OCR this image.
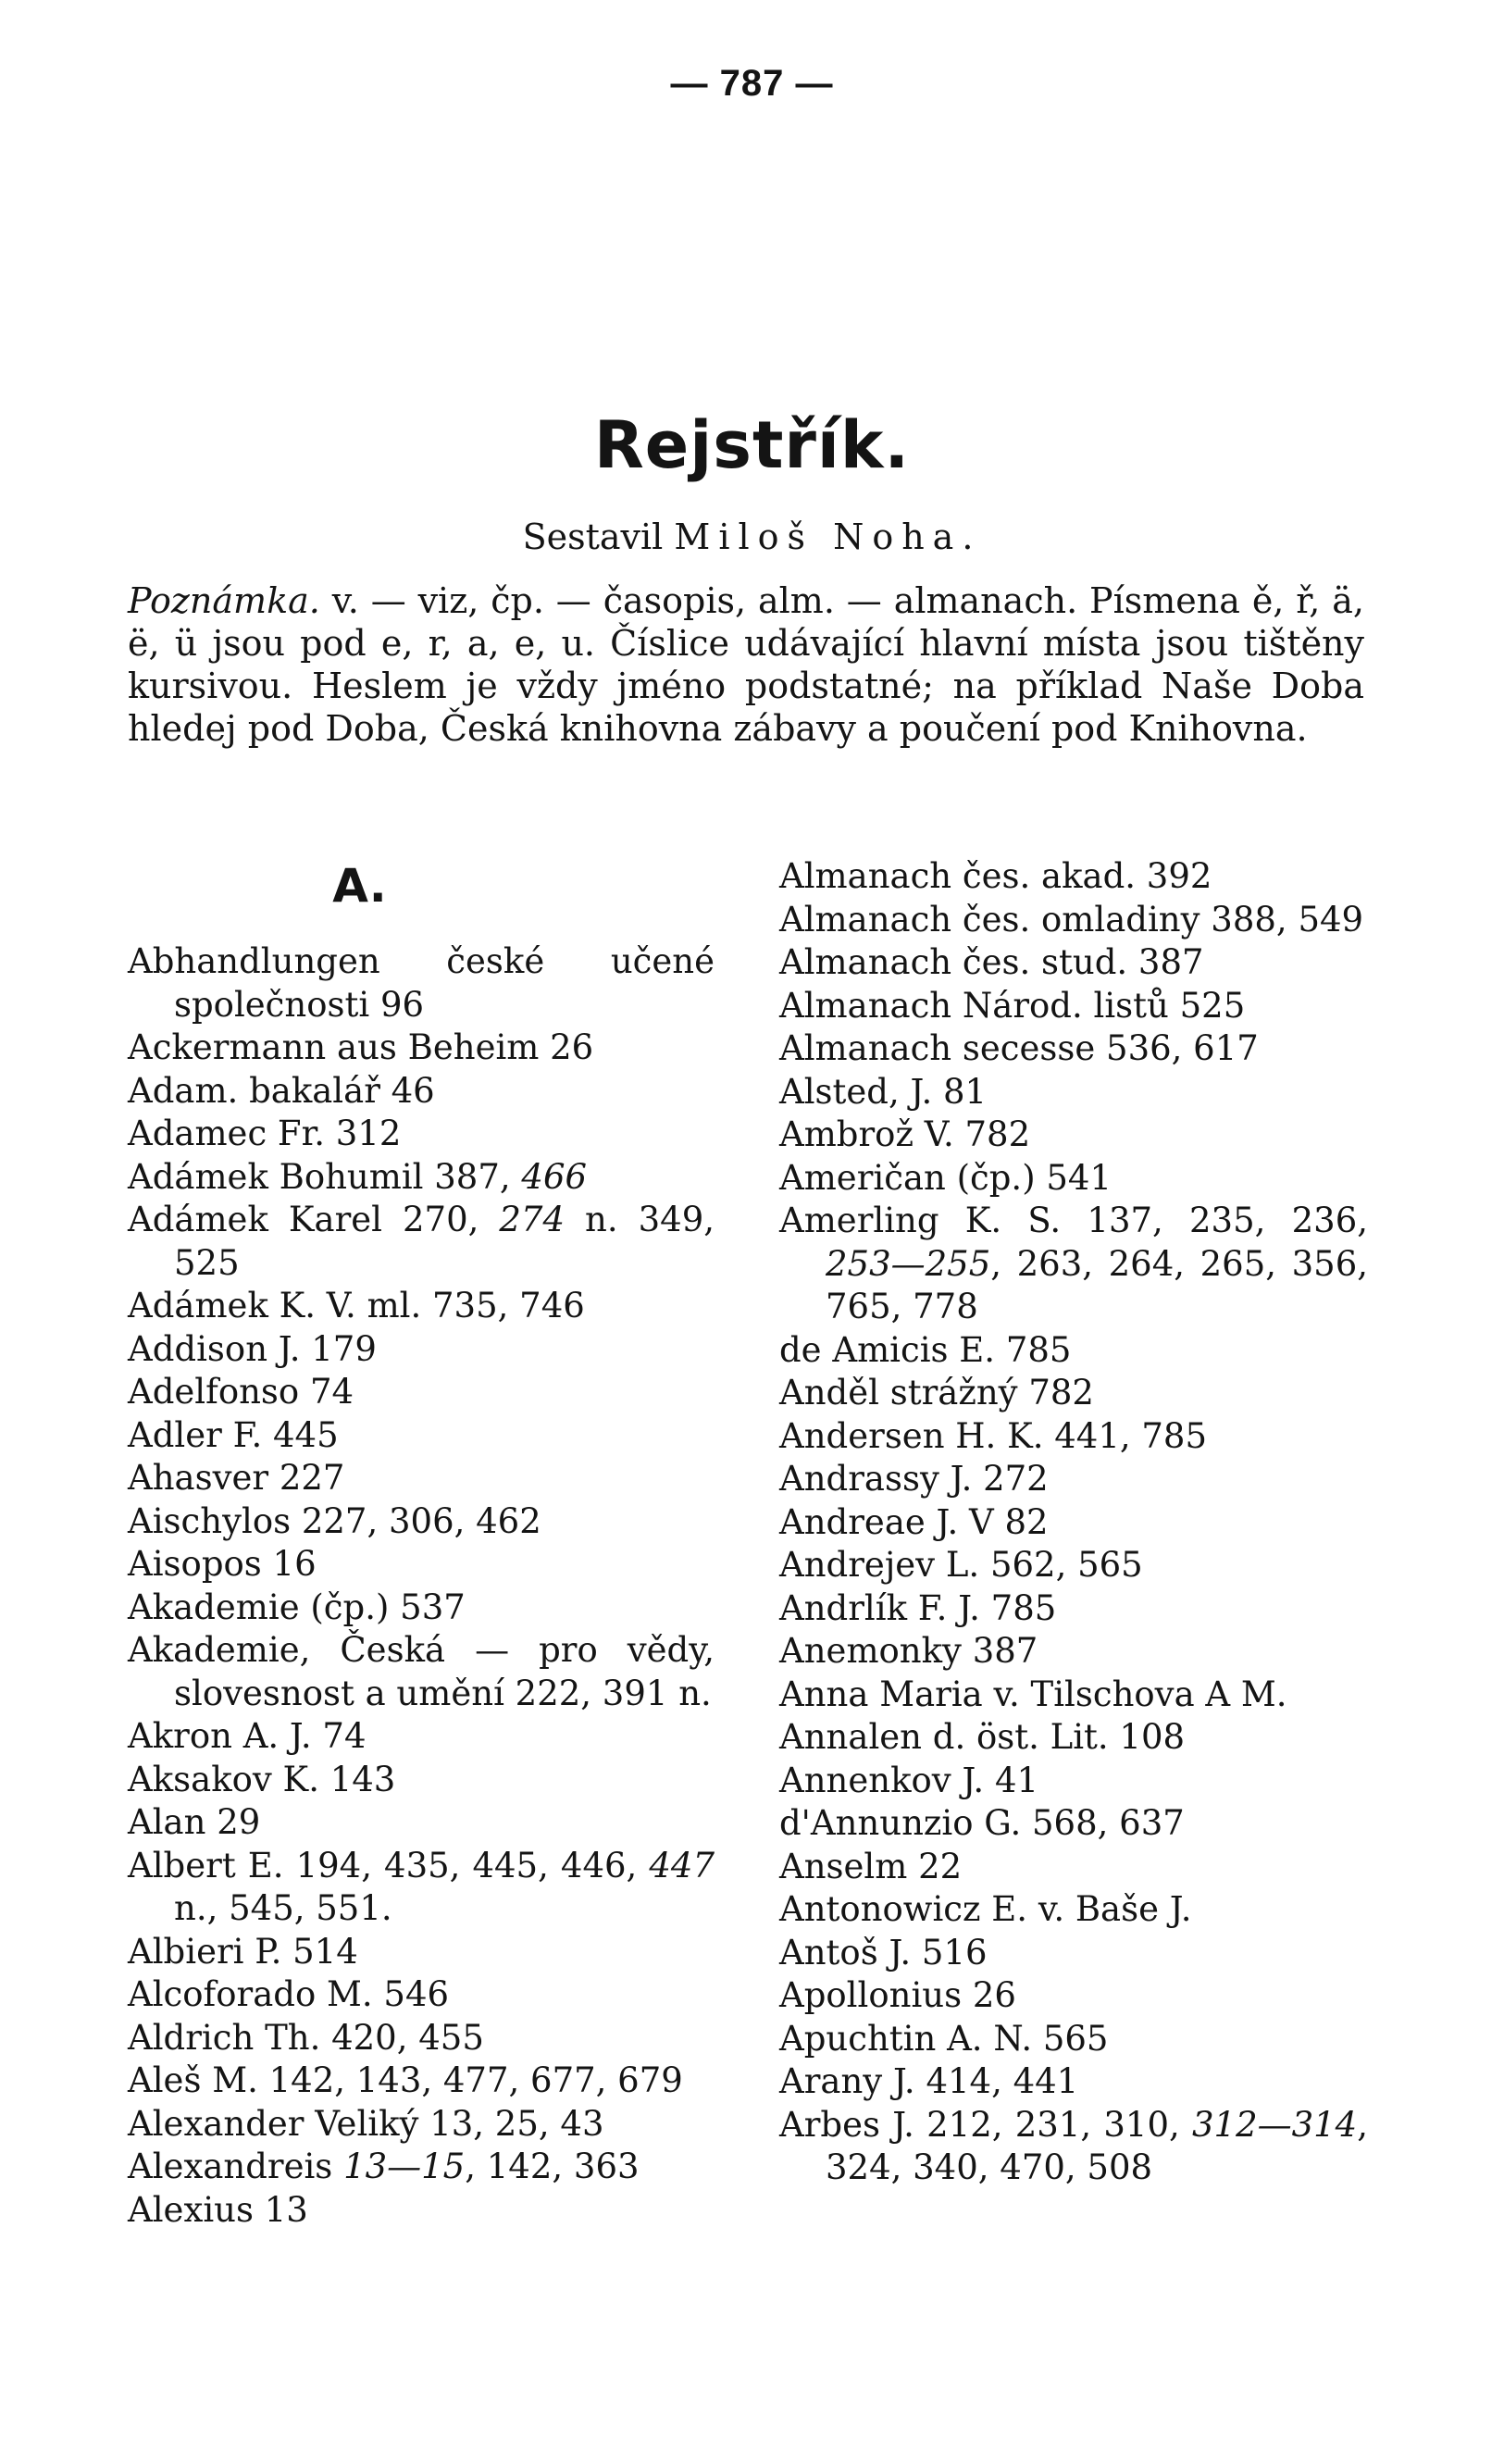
— 787 —
Rejstřík.
Sestavil Miloš Noha.
Poznámka. v. — viz, čp. — časopis, alm. — almanach. Písmena ě, ř, ä, ë, ü jsou pod e, r, a, e, u. Číslice udávající hlavní místa jsou tištěny kursivou. Heslem je vždy jméno podstatné; na příklad Naše Doba hledej pod Doba, Česká knihovna zábavy a poučení pod Knihovna.
A.
Abhandlungen české učené společnosti 96
Ackermann aus Beheim 26
Adam. bakalář 46
Adamec Fr. 312
Adámek Bohumil 387, 466
Adámek Karel 270, 274 n. 349, 525
Adámek K. V. ml. 735, 746
Addison J. 179
Adelfonso 74
Adler F. 445
Ahasver 227
Aischylos 227, 306, 462
Aisopos 16
Akademie (čp.) 537
Akademie, Česká — pro vědy, slovesnost a umění 222, 391 n.
Akron A. J. 74
Aksakov K. 143
Alan 29
Albert E. 194, 435, 445, 446, 447 n., 545, 551.
Albieri P. 514
Alcoforado M. 546
Aldrich Th. 420, 455
Aleš M. 142, 143, 477, 677, 679
Alexander Veliký 13, 25, 43
Alexandreis 13—15, 142, 363
Alexius 13
Almanach čes. akad. 392
Almanach čes. omladiny 388, 549
Almanach čes. stud. 387
Almanach Národ. listů 525
Almanach secesse 536, 617
Alsted, J. 81
Ambrož V. 782
Američan (čp.) 541
Amerling K. S. 137, 235, 236, 253—255, 263, 264, 265, 356, 765, 778
de Amicis E. 785
Anděl strážný 782
Andersen H. K. 441, 785
Andrassy J. 272
Andreae J. V 82
Andrejev L. 562, 565
Andrlík F. J. 785
Anemonky 387
Anna Maria v. Tilschova A M.
Annalen d. öst. Lit. 108
Annenkov J. 41
d'Annunzio G. 568, 637
Anselm 22
Antonowicz E. v. Baše J.
Antoš J. 516
Apollonius 26
Apuchtin A. N. 565
Arany J. 414, 441
Arbes J. 212, 231, 310, 312—314, 324, 340, 470, 508
